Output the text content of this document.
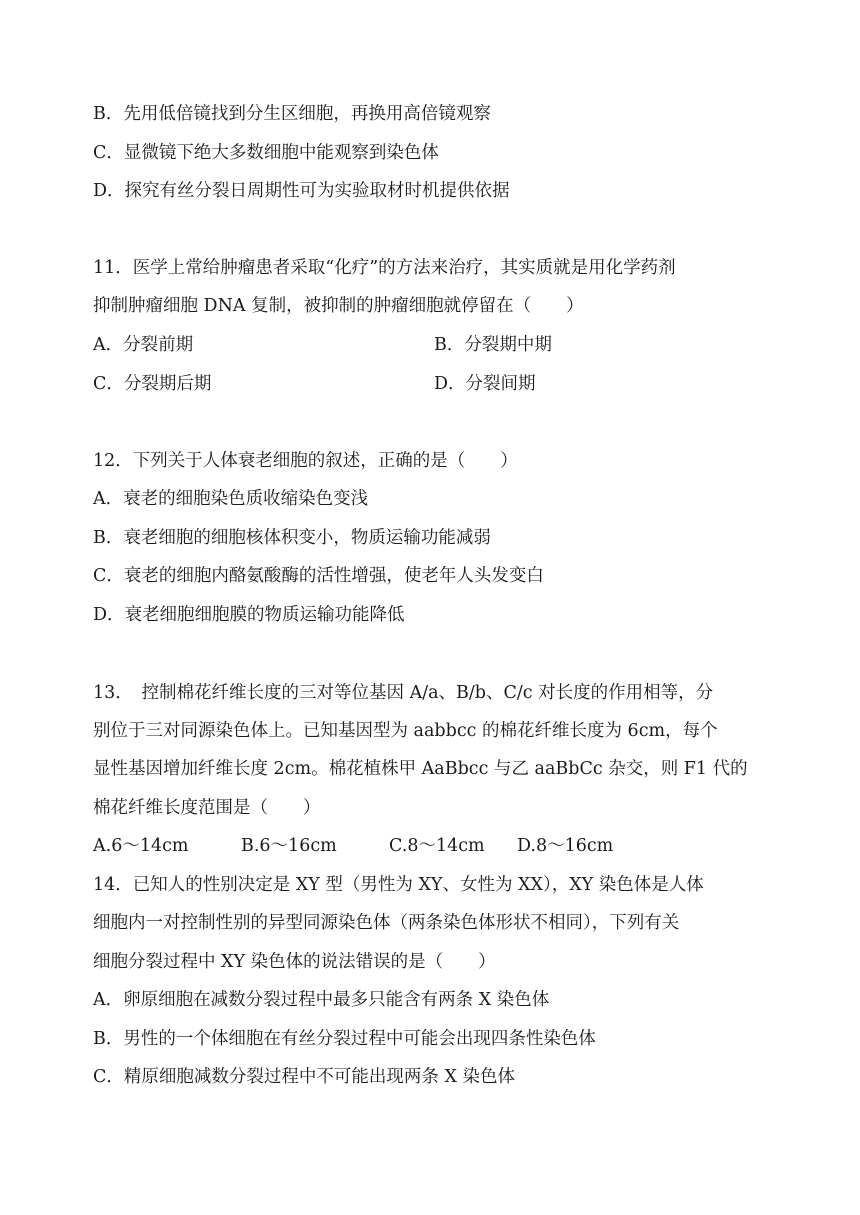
B．先用低倍镜找到分生区细胞，再换用高倍镜观察
C．显微镜下绝大多数细胞中能观察到染色体
D．探究有丝分裂日周期性可为实验取材时机提供依据
11．医学上常给肿瘤患者采取“化疗”的方法来治疗，其实质就是用化学药剂
抑制肿瘤细胞 DNA 复制，被抑制的肿瘤细胞就停留在（　　）
A．分裂前期	B．分裂期中期
C．分裂期后期	D．分裂间期
12．下列关于人体衰老细胞的叙述，正确的是（　　）
A．衰老的细胞染色质收缩染色变浅
B．衰老细胞的细胞核体积变小，物质运输功能减弱
C．衰老的细胞内酪氨酸酶的活性增强，使老年人头发变白
D．衰老细胞细胞膜的物质运输功能降低
13．　控制棉花纤维长度的三对等位基因 A/a、B/b、C/c 对长度的作用相等，分
别位于三对同源染色体上。已知基因型为 aabbcc 的棉花纤维长度为 6cm，每个
显性基因增加纤维长度 2cm。棉花植株甲 AaBbcc 与乙 aaBbCc 杂交，则 F1 代的
棉花纤维长度范围是（　　）
A.6～14cm	B.6～16cm	C.8～14cm D.8～16cm
14．已知人的性别决定是 XY 型（男性为 XY、女性为 XX），XY 染色体是人体
细胞内一对控制性别的异型同源染色体（两条染色体形状不相同），下列有关
细胞分裂过程中 XY 染色体的说法错误的是（　　）
A．卵原细胞在减数分裂过程中最多只能含有两条 X 染色体
B．男性的一个体细胞在有丝分裂过程中可能会出现四条性染色体
C．精原细胞减数分裂过程中不可能出现两条 X 染色体
